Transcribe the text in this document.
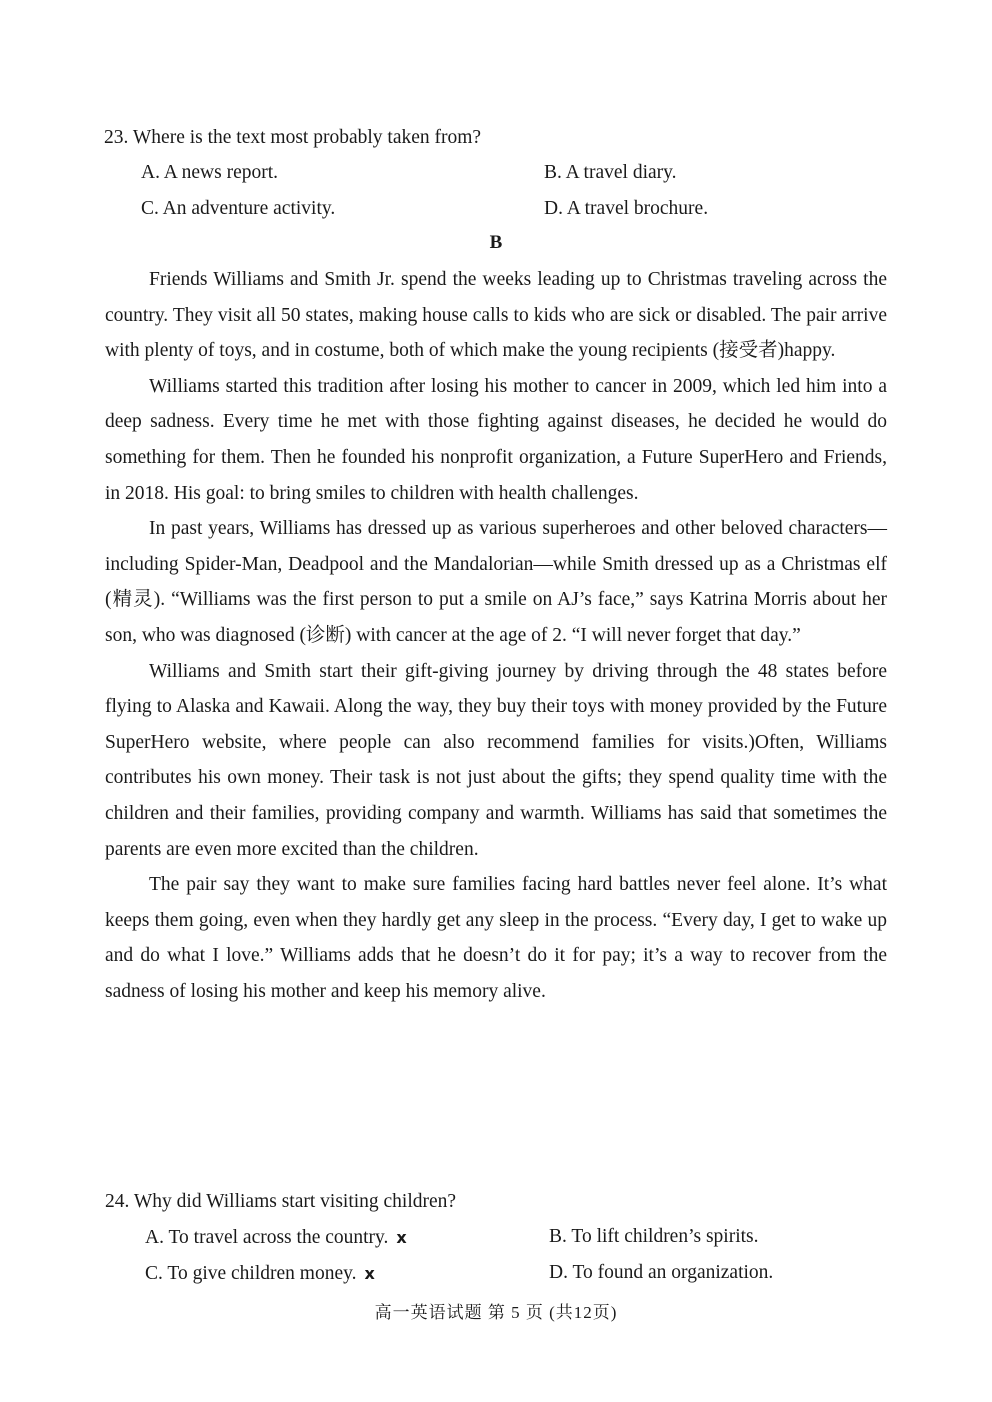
23. Where is the text most probably taken from?
A. A news report.	B. A travel diary.
C. An adventure activity.	D. A travel brochure.
B

Friends Williams and Smith Jr. spend the weeks leading up to Christmas traveling across the country. They visit all 50 states, making house calls to kids who are sick or disabled. The pair arrive with plenty of toys, and in costume, both of which make the young recipients (接受者)happy.

Williams started this tradition after losing his mother to cancer in 2009, which led him into a deep sadness. Every time he met with those fighting against diseases, he decided he would do something for them. Then he founded his nonprofit organization, a Future SuperHero and Friends, in 2018. His goal: to bring smiles to children with health challenges.

In past years, Williams has dressed up as various superheroes and other beloved characters—including Spider-Man, Deadpool and the Mandalorian—while Smith dressed up as a Christmas elf (精灵). “Williams was the first person to put a smile on AJ’s face,” says Katrina Morris about her son, who was diagnosed (诊断) with cancer at the age of 2. “I will never forget that day.”

Williams and Smith start their gift-giving journey by driving through the 48 states before flying to Alaska and Kawaii. Along the way, they buy their toys with money provided by the Future SuperHero website, where people can also recommend families for visits.)Often, Williams contributes his own money. Their task is not just about the gifts; they spend quality time with the children and their families, providing company and warmth. Williams has said that sometimes the parents are even more excited than the children.

The pair say they want to make sure families facing hard battles never feel alone. It’s what keeps them going, even when they hardly get any sleep in the process. “Every day, I get to wake up and do what I love.” Williams adds that he doesn’t do it for pay; it’s a way to recover from the sadness of losing his mother and keep his memory alive.

24. Why did Williams start visiting children?
A. To travel across the country. x	B. To lift children’s spirits.
C. To give children money. x	D. To found an organization.
高一英语试题 第 5 页 (共12页)
